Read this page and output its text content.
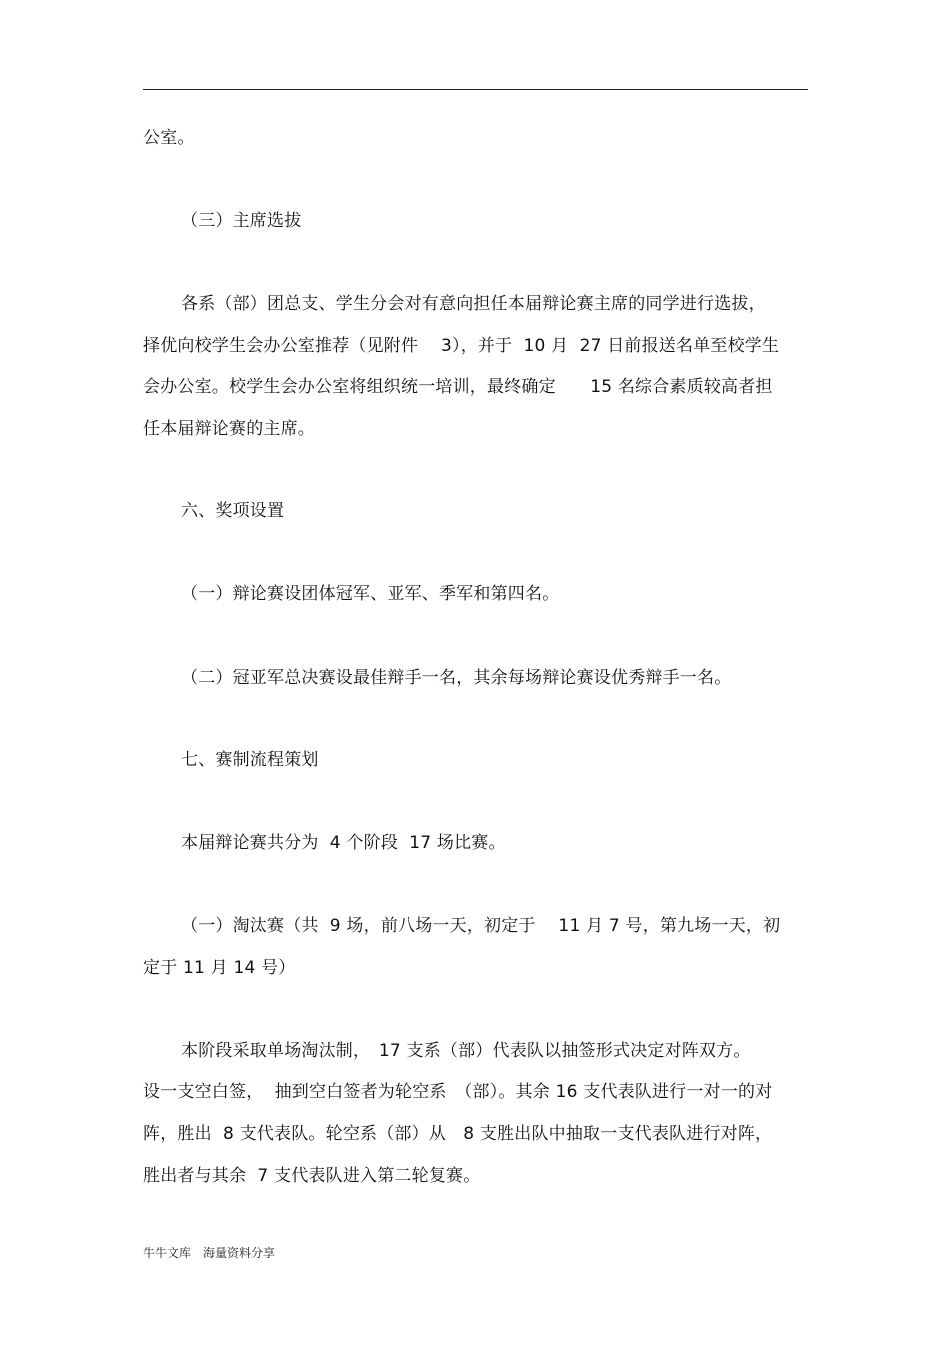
公室。
（三）主席选拔
各系（部）团总支、学生分会对有意向担任本届辩论赛主席的同学进行选拔，
择优向校学生会办公室推荐（见附件　 3），并于  10 月  27 日前报送名单至校学生
会办公室。校学生会办公室将组织统一培训，最终确定　　15 名综合素质较高者担
任本届辩论赛的主席。
六、奖项设置
（一）辩论赛设团体冠军、亚军、季军和第四名。
（二）冠亚军总决赛设最佳辩手一名，其余每场辩论赛设优秀辩手一名。
七、赛制流程策划
本届辩论赛共分为  4 个阶段  17 场比赛。
（一）淘汰赛（共  9 场，前八场一天，初定于　 11 月 7 号，第九场一天，初
定于 11 月 14 号）
本阶段采取单场淘汰制，　17 支系（部）代表队以抽签形式决定对阵双方。
设一支空白签，  抽到空白签者为轮空系　（部）。其余 16 支代表队进行一对一的对
阵，胜出  8 支代表队。轮空系（部）从　8 支胜出队中抽取一支代表队进行对阵，
胜出者与其余  7 支代表队进入第二轮复赛。
牛牛文库　海量资料分享
